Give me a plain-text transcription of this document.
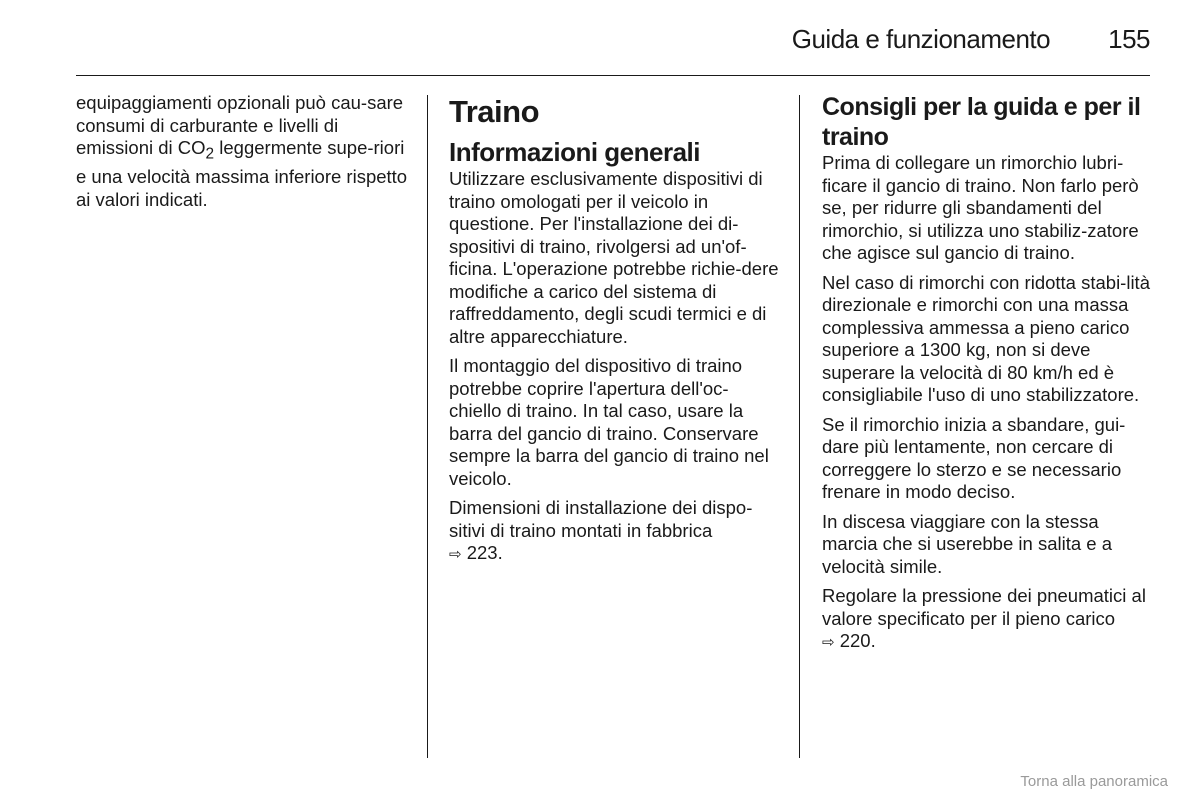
Guida e funzionamento 155

equipaggiamenti opzionali può cau-sare consumi di carburante e livelli di emissioni di $CO_2$ leggermente supe-riori e una velocità massima inferiore rispetto ai valori indicati.

Traino
Informazioni generali

Utilizzare esclusivamente dispositivi di traino omologati per il veicolo in questione. Per l'installazione dei di-spositivi di traino, rivolgersi ad un'of-ficina. L'operazione potrebbe richie-dere modifiche a carico del sistema di raffreddamento, degli scudi termici e di altre apparecchiature.

Il montaggio del dispositivo di traino potrebbe coprire l'apertura dell'oc-chiello di traino. In tal caso, usare la barra del gancio di traino. Conservare sempre la barra del gancio di traino nel veicolo.

Dimensioni di installazione dei dispo-sitivi di traino montati in fabbrica
⇨ 223.

Consigli per la guida e per il traino

Prima di collegare un rimorchio lubri-ficare il gancio di traino. Non farlo però se, per ridurre gli sbandamenti del rimorchio, si utilizza uno stabiliz-zatore che agisce sul gancio di traino.

Nel caso di rimorchi con ridotta stabi-lità direzionale e rimorchi con una massa complessiva ammessa a pieno carico superiore a 1300 kg, non si deve superare la velocità di 80 km/h ed è consigliabile l'uso di uno stabilizzatore.

Se il rimorchio inizia a sbandare, gui-dare più lentamente, non cercare di correggere lo sterzo e se necessario frenare in modo deciso.

In discesa viaggiare con la stessa marcia che si userebbe in salita e a velocità simile.

Regolare la pressione dei pneumatici al valore specificato per il pieno carico
⇨ 220.

Torna alla panoramica
